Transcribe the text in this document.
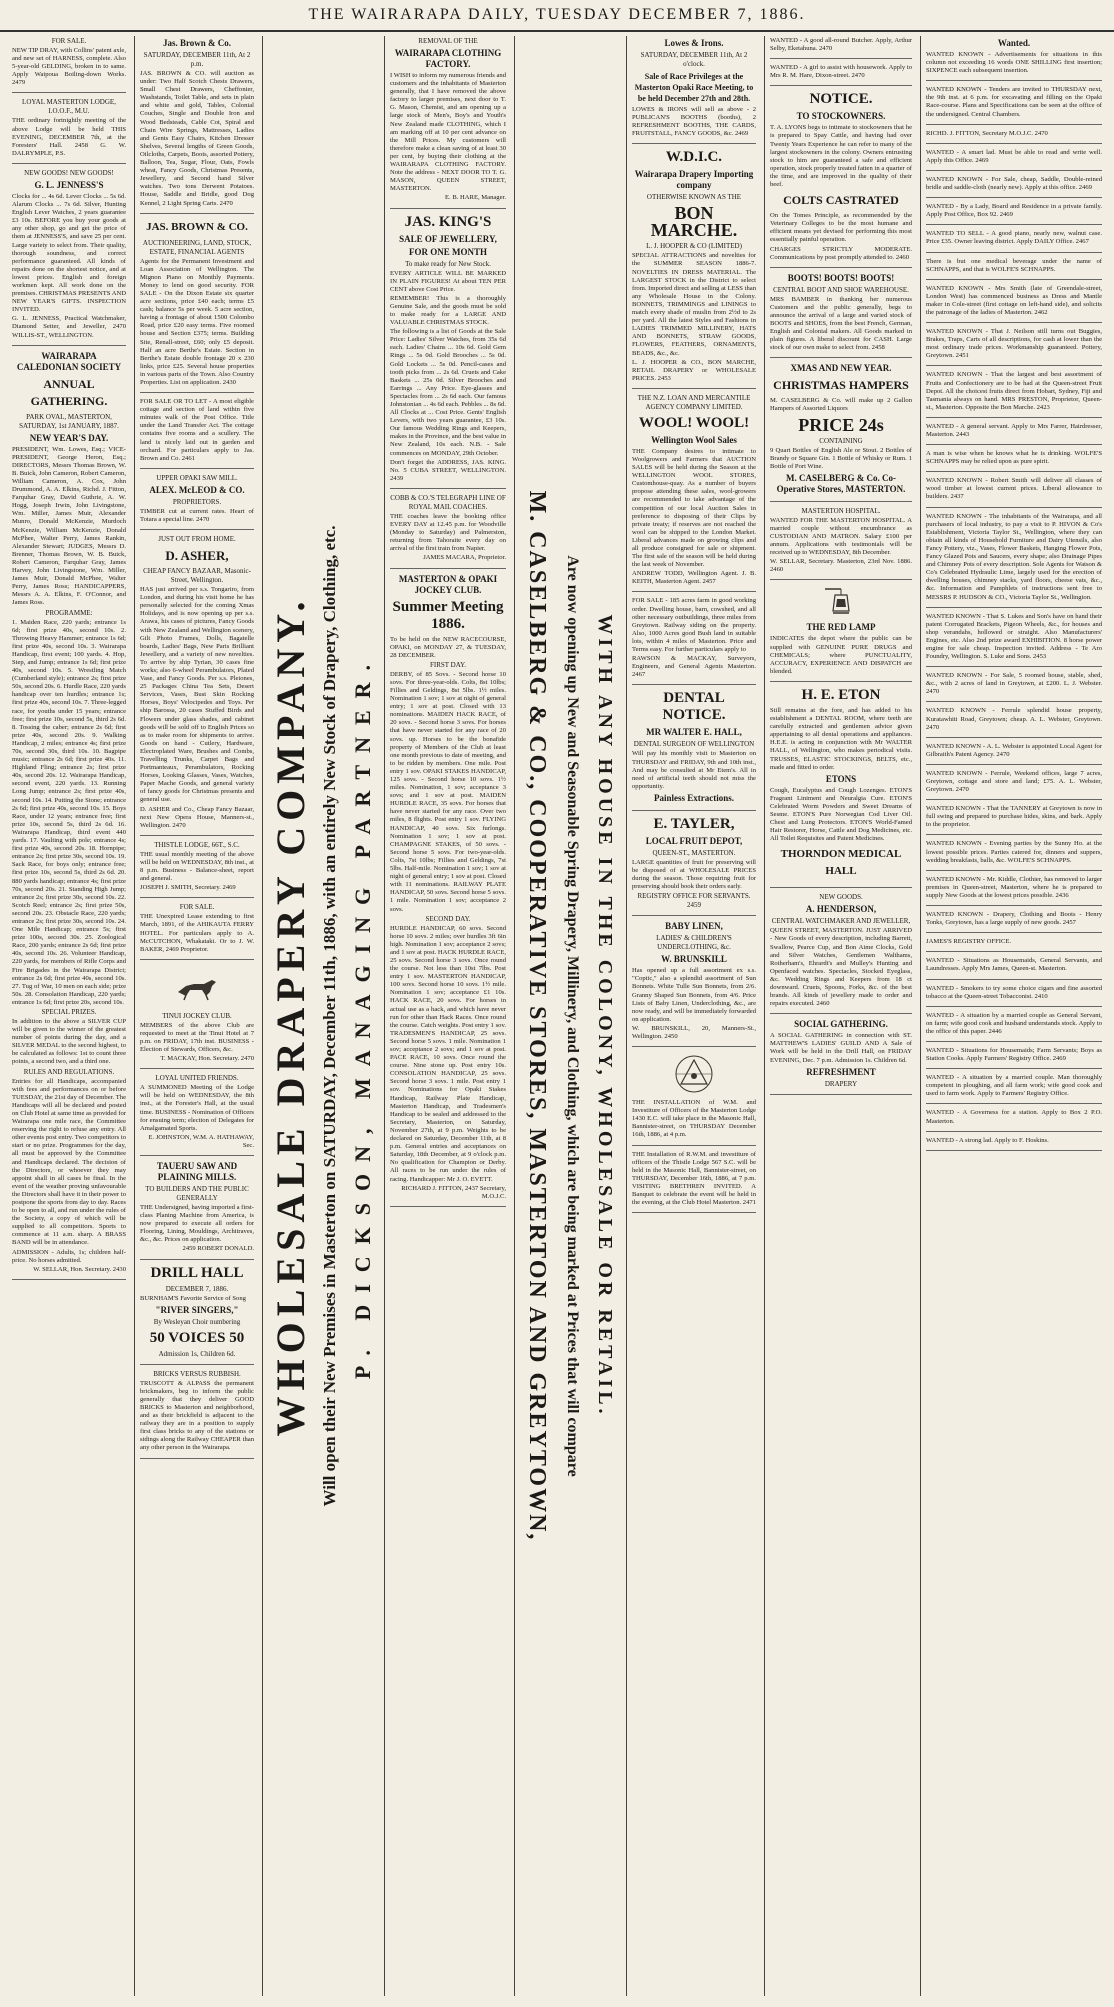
THE WAIRARAPA DAILY, TUESDAY DECEMBER 7, 1886.
FOR SALE.
NEW TIP DRAY, with Collins' patent axle, and new set of HARNESS, complete. Also 5-year-old GELDING, broken in to same. Apply Waipoua Boiling-down Works. 2479
LOYAL MASTERTON LODGE, I.O.O.F., M.U.
THE ordinary fortnightly meeting of the above Lodge will be held THIS EVENING, DECEMBER 7th, at the Foresters' Hall. 2458 G. W. DALRYMPLE, P.S.
NEW GOODS! NEW GOODS!
G. L. JENNESS'S
Clocks for ... 4s 6d. Lever Clocks ... 5s 6d. Alarum Clocks ... 7s 6d. Silver, Hunting English Lever Watches, 2 years guarantee £3 10s. BEFORE you buy your goods at any other shop, go and get the price of them at JENNESS'S, and save 25 per cent. Large variety to select from. Their quality, thorough soundness, and correct performance guaranteed. All kinds of repairs done on the shortest notice, and at lowest prices. English and foreign workmen kept. All work done on the premises. CHRISTMAS PRESENTS AND NEW YEAR'S GIFTS. INSPECTION INVITED.
G. L. JENNESS, Practical Watchmaker, Diamond Setter, and Jeweller, 2470 WILLIS-ST., WELLINGTON.
WAIRARAPA CALEDONIAN SOCIETY
ANNUAL GATHERING.
PARK OVAL, MASTERTON, SATURDAY, 1st JANUARY, 1887.
NEW YEAR'S DAY.
PRESIDENT, Wm. Lowes, Esq.; VICE-PRESIDENT, George Heron, Esq.; DIRECTORS, Messrs Thomas Brown, W. B. Buick, John Cameron, Robert Cameron, William Cameron, A. Cox, John Drummond, A. A. Elkins, Richd. J. Fitton, Farquhar Gray, David Guthrie, A. W. Hogg, Joseph Irwin, John Livingstone, Wm. Miller, James Muir, Alexander Munro, Donald McKenzie, Murdoch McKenzie, William McKenzie, Donald McPhee, Walter Perry, James Rankin, Alexander Stewart; JUDGES, Messrs D. Brenner, Thomas Brown, W. B. Buick, Robert Cameron, Farquhar Gray, James Harvey, John Livingstone, Wm. Miller, James Muir, Donald McPhee, Walter Perry, James Ross; HANDICAPPERS, Messrs A. A. Elkins, F. O'Connor, and James Ross.
PROGRAMME:
1. Maiden Race, 220 yards; entrance 1s 6d; first prize 40s, second 10s. 2. Throwing Heavy Hammer; entrance 1s 6d; first prize 40s, second 10s. 3. Wairarapa Handicap, first event; 100 yards. 4. Hop, Step, and Jump; entrance 1s 6d; first prize 40s, second 10s. 5. Wrestling Match (Cumberland style); entrance 2s; first prize 50s, second 20s. 6. Hurdle Race, 220 yards handicap over ten hurdles; entrance 1s; first prize 40s, second 10s. 7. Three-legged race, for youths under 15 years; entrance free; first prize 10s, second 5s, third 2s 6d. 8. Tossing the caber; entrance 2s 6d; first prize 40s, second 20s. 9. Walking Handicap, 2 miles; entrance 4s; first prize 70s, second 30s, third 10s. 10. Bagpipe music; entrance 2s 6d; first prize 40s. 11. Highland Fling; entrance 2s; first prize 40s, second 20s. 12. Wairarapa Handicap, second event, 220 yards. 13. Running Long Jump; entrance 2s; first prize 40s, second 10s. 14. Putting the Stone; entrance 2s 6d; first prize 40s, second 10s. 15. Boys Race, under 12 years; entrance free; first prize 10s, second 5s, third 2s 6d. 16. Wairarapa Handicap, third event 440 yards. 17. Vaulting with pole; entrance 4s; first prize 40s, second 20s. 18. Hornpipe; entrance 2s; first prize 30s, second 10s. 19. Sack Race, for boys only; entrance free; first prize 10s, second 5s, third 2s 6d. 20. 880 yards handicap; entrance 4s; first prize 70s, second 20s. 21. Standing High Jump; entrance 2s; first prize 30s, second 10s. 22. Scotch Reel; entrance 2s; first prize 50s, second 20s. 23. Obstacle Race, 220 yards; entrance 2s; first prize 30s, second 10s. 24. One Mile Handicap; entrance 5s; first prize 100s, second 30s. 25. Zoological Race, 200 yards; entrance 2s 6d; first prize 40s, second 10s. 26. Volunteer Handicap, 220 yards, for members of Rifle Corps and Fire Brigades in the Wairarapa District; entrance 2s 6d; first prize 40s, second 10s. 27. Tug of War, 10 men on each side; prize 50s. 28. Consolation Handicap, 220 yards; entrance 1s 6d; first prize 20s, second 10s.
SPECIAL PRIZES.
In addition to the above a SILVER CUP will be given to the winner of the greatest number of points during the day, and a SILVER MEDAL to the second highest, to be calculated as follows: 1st to count three points, a second two, and a third one.
RULES AND REGULATIONS.
Entries for all Handicaps, accompanied with fees and performances on or before TUESDAY, the 21st day of December. The Handicaps will all be declared and posted on Club Hotel at same time as provided for Wairarapa one mile race, the Committee reserving the right to refuse any entry. All other events post entry. Two competitors to start or no prize. Programmes for the day, all must be approved by the Committee and Handicaps declared. The decision of the Directors, or whoever they may appoint shall in all cases be final. In the event of the weather proving unfavourable the Directors shall have it in their power to postpone the sports from day to day. Races to be open to all, and run under the rules of the Society, a copy of which will be supplied to all competitors. Sports to commence at 11 a.m. sharp. A BRASS BAND will be in attendance.
ADMISSION - Adults, 1s; children half-price. No horses admitted.
W. SELLAR, Hon. Secretary. 2430
Jas. Brown & Co.
SATURDAY, DECEMBER 11th, At 2 p.m.
JAS. BROWN & CO. will auction as under: Two Half Scotch Chests Drawers, Small Chest Drawers, Cheffonier, Washstands, Toilet Table, and sets in plain and white and gold, Tables, Colonial Couches, Single and Double Iron and Wood Bedsteads, Cable Cot, Spiral and Chain Wire Springs, Mattresses, Ladies and Gents Easy Chairs, Kitchen Dresser Shelves, Several lengths of Green Goods, Oilcloths, Carpets, Boots, assorted Pottery, Balloon, Tea, Sugar, Flour, Oats, Fowls wheat, Fancy Goods, Christmas Presents, Jewellery, and Second hand Silver watches. Two tons Derwent Potatoes. House, Saddle and Bridle, good Dog Kennel, 2 Light Spring Carts. 2470
JAS. BROWN & CO.
AUCTIONEERING, LAND, STOCK, ESTATE, FINANCIAL AGENTS
Agents for the Permanent Investment and Loan Association of Wellington. The Mignon Piano on Monthly Payments. Money to lend on good security. FOR SALE - On the Dixon Estate six quarter acre sections, price £40 each; terms £5 cash; balance 5s per week. 5 acre section, having a frontage of about 1500 Colombo Road, price £20 easy terms. Five roomed house and Section £375; terms. Building Site, Renall-street, £60; only £5 deposit. Half an acre Berthe's Estate. Section in Berthe's Estate double frontage 20 x 230 links, price £25. Several house properties in various parts of the Town. Also Country Properties. List on application. 2430
FOR SALE OR TO LET - A most eligible cottage and section of land within five minutes walk of the Post Office. Title under the Land Transfer Act. The cottage contains five rooms and a scullery. The land is nicely laid out in garden and orchard. For particulars apply to Jas. Brown and Co. 2461
UPPER OPAKI SAW MILL.
ALEX. McLEOD & CO.
PROPRIETORS.
TIMBER cut at current rates. Heart of Totara a special line. 2470
JUST OUT FROM HOME.
D. ASHER,
CHEAP FANCY BAZAAR, Masonic-Street, Wellington.
HAS just arrived per s.s. Tongariro, from London, and during his visit home he has personally selected for the coming Xmas Holidays, and is now opening up per s.s. Arawa, his cases of pictures, Fancy Goods with New Zealand and Wellington scenery, Gilt Photo Frames, Dolls, Bagatelle boards, Ladies' Bags, New Paris Brilliant Jewellery, and a variety of new novelties. To arrive by ship Tyrian, 30 cases fine works; also 6-wheel Perambulators, Plated Vase, and Fancy Goods. Per s.s. Pleiones, 25 Packages China Tea Sets, Desert Services, Vases, Bust Skin Rocking Horses, Boys' Velocipedes and Toys. Per ship Barossa, 20 cases Stuffed Birds and Flowers under glass shades, and cabinet goods will be sold off to English Prices so as to make room for shipments to arrive. Goods on hand - Cutlery, Hardware, Electroplated Ware, Brushes and Combs, Travelling Trunks, Carpet Bags and Portmanteaux, Perambulators, Rocking Horses, Looking Glasses, Vases, Watches, Paper Mache Goods, and general variety of fancy goods for Christmas presents and general use.
D. ASHER and Co., Cheap Fancy Bazaar, next New Opera House, Manners-st., Wellington. 2470
THISTLE LODGE, 66T., S.C.
THE usual monthly meeting of the above will be held on WEDNESDAY, 8th inst., at 8 p.m. Business - Balance-sheet, report and general.
JOSEPH J. SMITH, Secretary. 2469
FOR SALE.
THE Unexpired Lease extending to first March, 1891, of the AHIKAUTA FERRY HOTEL. For particulars apply to A. McCUTCHON, Whakataki. Or to J. W. BAKER, 2469 Proprietor.
TINUI JOCKEY CLUB.
MEMBERS of the above Club are requested to meet at the Tinui Hotel at 7 p.m. on FRIDAY, 17th inst. BUSINESS - Election of Stewards, Officers, &c.
T. MACKAY, Hon. Secretary. 2470
LOYAL UNITED FRIENDS.
A SUMMONED Meeting of the Lodge will be held on WEDNESDAY, the 8th inst., at the Forester's Hall, at the usual time. BUSINESS - Nomination of Officers for ensuing term; election of Delegates for Amalgamated Sports.
E. JOHNSTON, W.M. A. HATHAWAY, Sec.
TAUERU SAW AND PLAINING MILLS.
TO BUILDERS AND THE PUBLIC GENERALLY
THE Undersigned, having imported a first-class Planing Machine from America, is now prepared to execute all orders for Flooring, Lining, Mouldings, Architraves, &c., &c. Prices on application.
2459 ROBERT DONALD.
DRILL HALL
DECEMBER 7, 1886.
BURNHAM'S Favorite Service of Song
"RIVER SINGERS,"
By Wesleyan Choir numbering
50 VOICES 50
Admission 1s, Children 6d.
BRICKS VERSUS RUBBISH.
TRUSCOTT & ALPASS the permanent brickmakers, beg to inform the public generally that they deliver GOOD BRICKS to Masterton and neighborhood, and as their brickfield is adjacent to the railway they are in a position to supply first class bricks to any of the stations or sidings along the Railway CHEAPER than any other person in the Wairarapa.
WHOLESALE DRAPERY COMPANY. Will open their New Premises in Masterton on SATURDAY, December 11th, 1886, with an entirely New Stock of Drapery, Clothing, etc. P. DICKSON, MANAGING PARTNER.
REMOVAL OF THE
WAIRARAPA CLOTHING FACTORY.
I WISH to inform my numerous friends and customers and the inhabitants of Masterton generally, that I have removed the above factory to larger premises, next door to T. G. Mason, Chemist, and am opening up a large stock of Men's, Boy's and Youth's New Zealand made CLOTHING, which I am marking off at 10 per cent advance on the Mill Prices. My customers will therefore make a clean saving of at least 30 per cent, by buying their clothing at the WAIRARAPA CLOTHING FACTORY. Note the address - NEXT DOOR TO T. G. MASON, QUEEN STREET, MASTERTON.
E. B. HARE, Manager.
JAS. KING'S
SALE OF JEWELLERY,
FOR ONE MONTH
To make ready for New Stock.
EVERY ARTICLE WILL BE MARKED IN PLAIN FIGURES! At about TEN PER CENT above Cost Price.
REMEMBER! This is a thoroughly Genuine Sale, and the goods must be sold to make ready for a LARGE AND VALUABLE CHRISTMAS STOCK.
The following is a list of Goods at the Sale Price: Ladies' Silver Watches, from 35s 6d each. Ladies' Chains ... 10s 6d. Gold Gem Rings ... 5s 0d. Gold Brooches ... 5s 0d. Gold Lockets ... 5s 0d. Pencil-cases and tooth picks from ... 2s 6d. Cruets and Cake Baskets ... 25s 0d. Silver Brooches and Earrings ... Any Price. Eye-glasses and Spectacles from ... 2s 6d each. Our famous Johnstonian ... 4s 6d each. Pebbles ... 8s 6d. All Clocks at ... Cost Price. Gents' English Levers, with two years guarantee, £3 10s. Our famous Wedding Rings and Keepers, makes in the Province, and the best value in New Zealand, 10s each. N.B. - Sale commences on MONDAY, 29th October.
Don't forget the ADDRESS, JAS. KING. No. 5 CUBA STREET, WELLINGTON. 2439
COBB & CO.'S TELEGRAPH LINE OF ROYAL MAIL COACHES.
THE coaches leave the booking office EVERY DAY at 12.45 p.m. for Woodville (Monday to Saturday) and Palmerston, returning from Tahoraite every day on arrival of the first train from Napier.
JAMES MACARA, Proprietor.
MASTERTON & OPAKI JOCKEY CLUB.
Summer Meeting 1886.
To be held on the NEW RACECOURSE, OPAKI, on MONDAY 27, & TUESDAY, 28 DECEMBER.
FIRST DAY.
DERBY, of 85 Sovs. - Second horse 10 sovs. For three-year-olds. Colts, 8st 10lbs; Fillies and Geldings, 8st 5lbs. 1½ miles. Nomination 1 sov; 1 sov at night of general entry; 1 sov at post. Closed with 13 nominations. MAIDEN HACK RACE, of 20 sovs. - Second horse 3 sovs. For horses that have never started for any race of 20 sovs. up. Horses to be the bonafide property of Members of the Club at least one month previous to date of meeting, and to be ridden by members. One mile. Post entry 1 sov. OPAKI STAKES HANDICAP, 125 sovs. - Second horse 10 sovs. 1½ miles. Nomination, 1 sov; acceptance 3 sovs; and 1 sov at post. MAIDEN HURDLE RACE, 35 sovs. For horses that have never started for any race. Over two miles, 8 flights. Post entry 1 sov. FLYING HANDICAP, 40 sovs. Six furlongs. Nomination 1 sov; 1 sov at post. CHAMPAGNE STAKES, of 50 sovs. - Second horse 5 sovs. For two-year-olds. Colts, 7st 10lbs; Fillies and Geldings, 7st 5lbs. Half-mile. Nomination 1 sov; 1 sov at night of general entry; 1 sov at post. Closed with 11 nominations. RAILWAY PLATE HANDICAP, 50 sovs. Second horse 5 sovs. 1 mile. Nomination 1 sov; acceptance 2 sovs.
SECOND DAY.
HURDLE HANDICAP, 60 sovs. Second horse 10 sovs. 2 miles; over hurdles 3ft 6in high. Nomination 1 sov; acceptance 2 sovs; and 1 sov at post. HACK HURDLE RACE, 25 sovs. Second horse 3 sovs. Once round the course. Not less than 10st 7lbs. Post entry 1 sov. MASTERTON HANDICAP, 100 sovs. Second horse 10 sovs. 1½ mile. Nomination 1 sov; acceptance £1 10s. HACK RACE, 20 sovs. For horses in actual use as a hack, and which have never run for other than Hack Races. Once round the course. Catch weights. Post entry 1 sov. TRADESMEN'S HANDICAP, 25 sovs. Second horse 5 sovs. 1 mile. Nomination 1 sov; acceptance 2 sovs; and 1 sov at post. PACE RACE, 10 sovs. Once round the course. Nine stone up. Post entry 10s. CONSOLATION HANDICAP, 25 sovs. Second horse 3 sovs. 1 mile. Post entry 1 sov. Nominations for Opaki Stakes Handicap, Railway Plate Handicap, Masterton Handicap, and Tradesmen's Handicap to be sealed and addressed to the Secretary, Masterton, on Saturday, November 27th, at 9 p.m. Weights to be declared on Saturday, December 11th, at 8 p.m. General entries and acceptances on Saturday, 18th December, at 9 o'clock p.m. No qualification for Champion or Derby. All races to be run under the rules of racing. Handicapper: Mr J. O. EVETT.
RICHARD J. FITTON, 2437 Secretary, M.O.J.C. M. CASELBERG & CO., COOPERATIVE STORES, MASTERTON AND GREYTOWN, Are now opening up New and Seasonable Spring Drapery, Millinery, and Clothing, which are being marked at Prices that will compare WITH ANY HOUSE IN THE COLONY, WHOLESALE OR RETAIL.
Lowes & Irons.
SATURDAY, DECEMBER 11th, At 2 o'clock.
Sale of Race Privileges at the Masterton Opaki Race Meeting, to be held December 27th and 28th.
LOWES & IRONS will sell as above - 2 PUBLICAN'S BOOTHS (booths), 2 REFRESHMENT BOOTHS, THE CARDS, FRUITSTALL, FANCY GOODS, &c. 2469
W.D.I.C.
Wairarapa Drapery Importing company
OTHERWISE KNOWN AS THE
BON MARCHE.
L. J. HOOPER & CO (LIMITED)
SPECIAL ATTRACTIONS and novelties for the SUMMER SEASON 1886-7. NOVELTIES IN DRESS MATERIAL. The LARGEST STOCK in the District to select from. Imported direct and selling at LESS than any Wholesale House in the Colony. BONNETS, TRIMMINGS and LININGS to match every shade of muslin from 2½d to 2s per yard. All the latest Styles and Fashions in LADIES TRIMMED MILLINERY, HATS AND BONNETS, STRAW GOODS, FLOWERS, FEATHERS, ORNAMENTS, BEADS, &c., &c.
L. J. HOOPER & CO., BON MARCHE, RETAIL DRAPERY or WHOLESALE PRICES. 2453
THE N.Z. LOAN AND MERCANTILE AGENCY COMPANY LIMITED.
WOOL! WOOL!
Wellington Wool Sales
THE Company desires to intimate to Woolgrowers and Farmers that AUCTION SALES will be held during the Season at the WELLINGTON WOOL STORES, Customhouse-quay. As a number of buyers propose attending these sales, wool-growers are recommended to take advantage of the competition of our local Auction Sales in preference to disposing of their Clips by private treaty; if reserves are not reached the wool can be shipped to the London Market. Liberal advances made on growing clips and all produce consigned for sale or shipment. The first sale of the season will be held during the last week of November.
ANDREW TODD, Wellington Agent. J. B. KEITH, Masterton Agent. 2457
FOR SALE - 185 acres farm in good working order. Dwelling house, barn, cowshed, and all other necessary outbuildings, three miles from Greytown. Railway siding on the property. Also, 1000 Acres good Bush land in suitable lots, within 4 miles of Masterton. Price and Terms easy. For further particulars apply to
RAWSON & MACKAY, Surveyors, Engineers, and General Agents Masterton. 2467
DENTAL NOTICE.
MR WALTER E. HALL,
DENTAL SURGEON OF WELLINGTON
Will pay his monthly visit to Masterton on THURSDAY and FRIDAY, 9th and 10th inst., And may be consulted at Mr Etem's. All in need of artificial teeth should not miss the opportunity.
Painless Extractions.
E. TAYLER,
LOCAL FRUIT DEPOT,
QUEEN-ST., MASTERTON.
LARGE quantities of fruit for preserving will be disposed of at WHOLESALE PRICES during the season. Those requiring fruit for preserving should book their orders early.
REGISTRY OFFICE FOR SERVANTS. 2459
BABY LINEN,
LADIES' & CHILDREN'S UNDERCLOTHING, &c.
W. BRUNSKILL
Has opened up a full assortment ex s.s. "Coptic," also a splendid assortment of Sun Bonnets. White Tulle Sun Bonnets, from 2/6. Granny Shaped Sun Bonnets, from 4/6. Price Lists of Baby Linen, Underclothing, &c., are now ready, and will be immediately forwarded on application.
W. BRUNSKILL, 20, Manners-St., Wellington. 2450
THE INSTALLATION of W.M. and Investiture of Officers of the Masterton Lodge 1430 E.C. will take place in the Masonic Hall, Bannister-street, on THURSDAY December 16th, 1886, at 4 p.m.
THE Installation of R.W.M. and investiture of officers of the Thistle Lodge 567 S.C. will be held in the Masonic Hall, Bannister-street, on THURSDAY, December 16th, 1886, at 7 p.m. VISITING BRETHREN INVITED. A Banquet to celebrate the event will be held in the evening, at the Club Hotel Masterton. 2471
WANTED - A good all-round Butcher. Apply, Arthur Selby, Eketahuna. 2470
WANTED - A girl to assist with housework. Apply to Mrs R. M. Hare, Dixon-street. 2470
NOTICE.
TO STOCKOWNERS.
T. A. LYONS begs to intimate to stockowners that he is prepared to Spay Cattle, and having had over Twenty Years Experience he can refer to many of the largest stockowners in the colony. Owners entrusting stock to him are guaranteed a safe and efficient operation, stock properly treated fatten in a quarter of the time, and are improved in the quality of their beef.
COLTS CASTRATED
On the Tomes Principle, as recommended by the Veterinary Colleges to be the most humane and efficient means yet devised for performing this most essentially painful operation.
CHARGES STRICTLY MODERATE. Communications by post promptly attended to. 2460
BOOTS! BOOTS! BOOTS!
CENTRAL BOOT AND SHOE WAREHOUSE.
MRS BAMBER in thanking her numerous Customers and the public generally, begs to announce the arrival of a large and varied stock of BOOTS and SHOES, from the best French, German, English and Colonial makers. All Goods marked in plain figures. A liberal discount for CASH. Large stock of our own make to select from. 2458
XMAS AND NEW YEAR.
CHRISTMAS HAMPERS
M. CASELBERG & Co. will make up 2 Gallon Hampers of Assorted Liquors
PRICE 24s
CONTAINING
9 Quart Bottles of English Ale or Stout. 2 Bottles of Brandy or Square Gin. 1 Bottle of Whisky or Rum. 1 Bottle of Port Wine.
M. CASELBERG & Co. Co-Operative Stores, MASTERTON.
MASTERTON HOSPITAL.
WANTED FOR THE MASTERTON HOSPITAL. A married couple without encumbrance as CUSTODIAN AND MATRON. Salary £100 per annum. Applications with testimonials will be received up to WEDNESDAY, 8th December.
W. SELLAR, Secretary. Masterton, 23rd Nov. 1886. 2460
THE RED LAMP
INDICATES the depot where the public can be supplied with GENUINE PURE DRUGS and CHEMICALS; where PUNCTUALITY, ACCURACY, EXPERIENCE AND DISPATCH are blended.
H. E. ETON
Still remains at the fore, and has added to his establishment a DENTAL ROOM, where teeth are carefully extracted and gentlemen advice given appertaining to all dental operations and appliances. H.E.E. is acting in conjunction with Mr WALTER HALL, of Wellington, who makes periodical visits. TRUSSES, ELASTIC STOCKINGS, BELTS, etc., made and fitted to order.
ETONS
Cough, Eucalyptus and Cough Lozenges. ETON'S Fragrant Liniment and Neuralgia Cure. ETON'S Celebrated Worm Powders and Sweet Dreams of Sesme. ETON'S Pure Norwegian Cod Liver Oil. Chest and Lung Protectors. ETON'S World-Famed Hair Restorer, Horse, Cattle and Dog Medicines, etc. All Toilet Requisites and Patent Medicines.
THORNDON MEDICAL HALL
NEW GOODS.
A. HENDERSON,
CENTRAL WATCHMAKER AND JEWELLER,
QUEEN STREET, MASTERTON. JUST ARRIVED - New Goods of every description, including Barrett, Swallow, Pearce Cup, and Bon Aime Clocks, Gold and Silver Watches, Gentlemen Walthams, Rotherham's, Ehrardt's and Mulley's Hunting and Openfaced watches. Spectacles, Stocked Eyeglass, &c. Wedding Rings and Keepers from 18 ct downward. Cruets, Spoons, Forks, &c. of the best brands. All kinds of jewellery made to order and repairs executed. 2460
SOCIAL GATHERING.
A SOCIAL GATHERING in connection with ST. MATTHEW'S LADIES' GUILD AND A Sale of Work will be held in the Drill Hall, on FRIDAY EVENING, Dec. 7 p.m. Admission 1s. Children 6d.
REFRESHMENT
DRAPERY
Wanted.
WANTED KNOWN - Advertisements for situations in this column not exceeding 16 words ONE SHILLING first insertion; SIXPENCE each subsequent insertion.
WANTED KNOWN - Tenders are invited to THURSDAY next, the 9th inst. at 6 p.m. for excavating and filling on the Opaki Race-course. Plans and Specifications can be seen at the office of the undersigned. Central Chambers.
RICHD. J. FITTON, Secretary M.O.J.C. 2470
WANTED - A smart lad. Must be able to read and write well. Apply this Office. 2469
WANTED KNOWN - For Sale, cheap, Saddle, Double-reined bridle and saddle-cloth (nearly new). Apply at this office. 2469
WANTED - By a Lady, Board and Residence in a private family. Apply Post Office, Box 92. 2469
WANTED TO SELL - A good piano, nearly new, walnut case. Price £35. Owner leaving district. Apply DAILY Office. 2467
There is but one medical beverage under the name of SCHNAPPS, and that is WOLFE'S SCHNAPPS.
WANTED KNOWN - Mrs Smith (late of Greendale-street, London West) has commenced business as Dress and Mantle maker in Cole-street (first cottage on left-hand side), and solicits the patronage of the ladies of Masterton. 2462
WANTED KNOWN - That J. Neilson still turns out Buggies, Brakes, Traps, Carts of all descriptions, for cash at lower than the most ordinary trade prices. Workmanship guaranteed. Pottery, Greytown. 2451
WANTED KNOWN - That the largest and best assortment of Fruits and Confectionery are to be had at the Queen-street Fruit Depot. All the choicest fruits direct from Hobart, Sydney, Fiji and Tasmania always on hand. MRS PRESTON, Proprietor, Queen-st., Masterton. Opposite the Bon Marche. 2423
WANTED - A general servant. Apply to Mrs Farrer, Hairdresser, Masterton. 2443
A man is wise when he knows what he is drinking. WOLFE'S SCHNAPPS may be relied upon as pure spirit.
WANTED KNOWN - Robert Smith will deliver all classes of wood timber at lowest current prices. Liberal allowance to builders. 2437
WANTED KNOWN - The inhabitants of the Wairarapa, and all purchasers of local industry, to pay a visit to P. HIVON & Co's Establishment, Victoria Taylor St., Wellington, where they can obtain all kinds of Household Furniture and Dairy Utensils, also Fancy Pottery, viz., Vases, Flower Baskets, Hanging Flower Pots, Fancy Glazed Pots and Saucers, every shape; also Drainage Pipes and Chimney Pots of every description. Sole Agents for Watson & Co's Celebrated Hydraulic Lime, largely used for the erection of dwelling houses, chimney stacks, yard floors, cheese vats, &c., &c. Information and Pamphlets of instructions sent free to MESSRS P. HUDSON & CO., Victoria Taylor St., Wellington.
WANTED KNOWN - That S. Lukes and Son's have on hand their patent Corrugated Brackets, Pigeon Wheels, &c., for houses and shop verandahs, hollowed or straight. Also Manufacturers' Engines, etc. Also 2nd prize award EXHIBITION. 8 horse power engine for sale cheap. Inspection invited. Address - Te Aro Foundry, Wellington. S. Luke and Sons. 2453
WANTED KNOWN - For Sale, 5 roomed house, stable, shed, &c., with 2 acres of land in Greytown, at £200. L. J. Webster. 2470
WANTED KNOWN - Ferrule splendid house property, Kuratawhiti Road, Greytown; cheap. A. L. Webster, Greytown. 2470
WANTED KNOWN - A. L. Webster is appointed Local Agent for Gilbraith's Patent Agency. 2470
WANTED KNOWN - Ferrule, Weekend offices, large 7 acres, Greytown, cottage and store and land; £75. A. L. Webster, Greytown. 2470
WANTED KNOWN - That the TANNERY at Greytown is now in full swing and prepared to purchase hides, skins, and bark. Apply to the proprietor.
WANTED KNOWN - Evening parties by the Sunny Ho. at the lowest possible prices. Parties catered for, dinners and suppers, wedding breakfasts, balls, &c. WOLFE'S SCHNAPPS.
WANTED KNOWN - Mr. Kiddle, Clothier, has removed to larger premises in Queen-street, Masterton, where he is prepared to supply New Goods at the lowest prices possible. 2436
WANTED KNOWN - Drapery, Clothing and Boots - Henry Tonks, Greytown, has a large supply of new goods. 2457
JAMES'S REGISTRY OFFICE.
WANTED - Situations as Housemaids, General Servants, and Laundresses. Apply Mrs James, Queen-st. Masterton.
WANTED - Smokers to try some choice cigars and fine assorted tobacco at the Queen-street Tobacconist. 2410
WANTED - A situation by a married couple as General Servant, on farm; wife good cook and husband understands stock. Apply to the office of this paper. 2446
WANTED - Situations for Housemaids; Farm Servants; Boys as Station Cooks. Apply Farmers' Registry Office. 2469
WANTED - A situation by a married couple. Man thoroughly competent in ploughing, and all farm work; wife good cook and used to farm work. Apply to Farmers' Registry Office.
WANTED - A Governess for a station. Apply to Box 2 P.O. Masterton.
WANTED - A strong lad. Apply to F. Hoskins.
